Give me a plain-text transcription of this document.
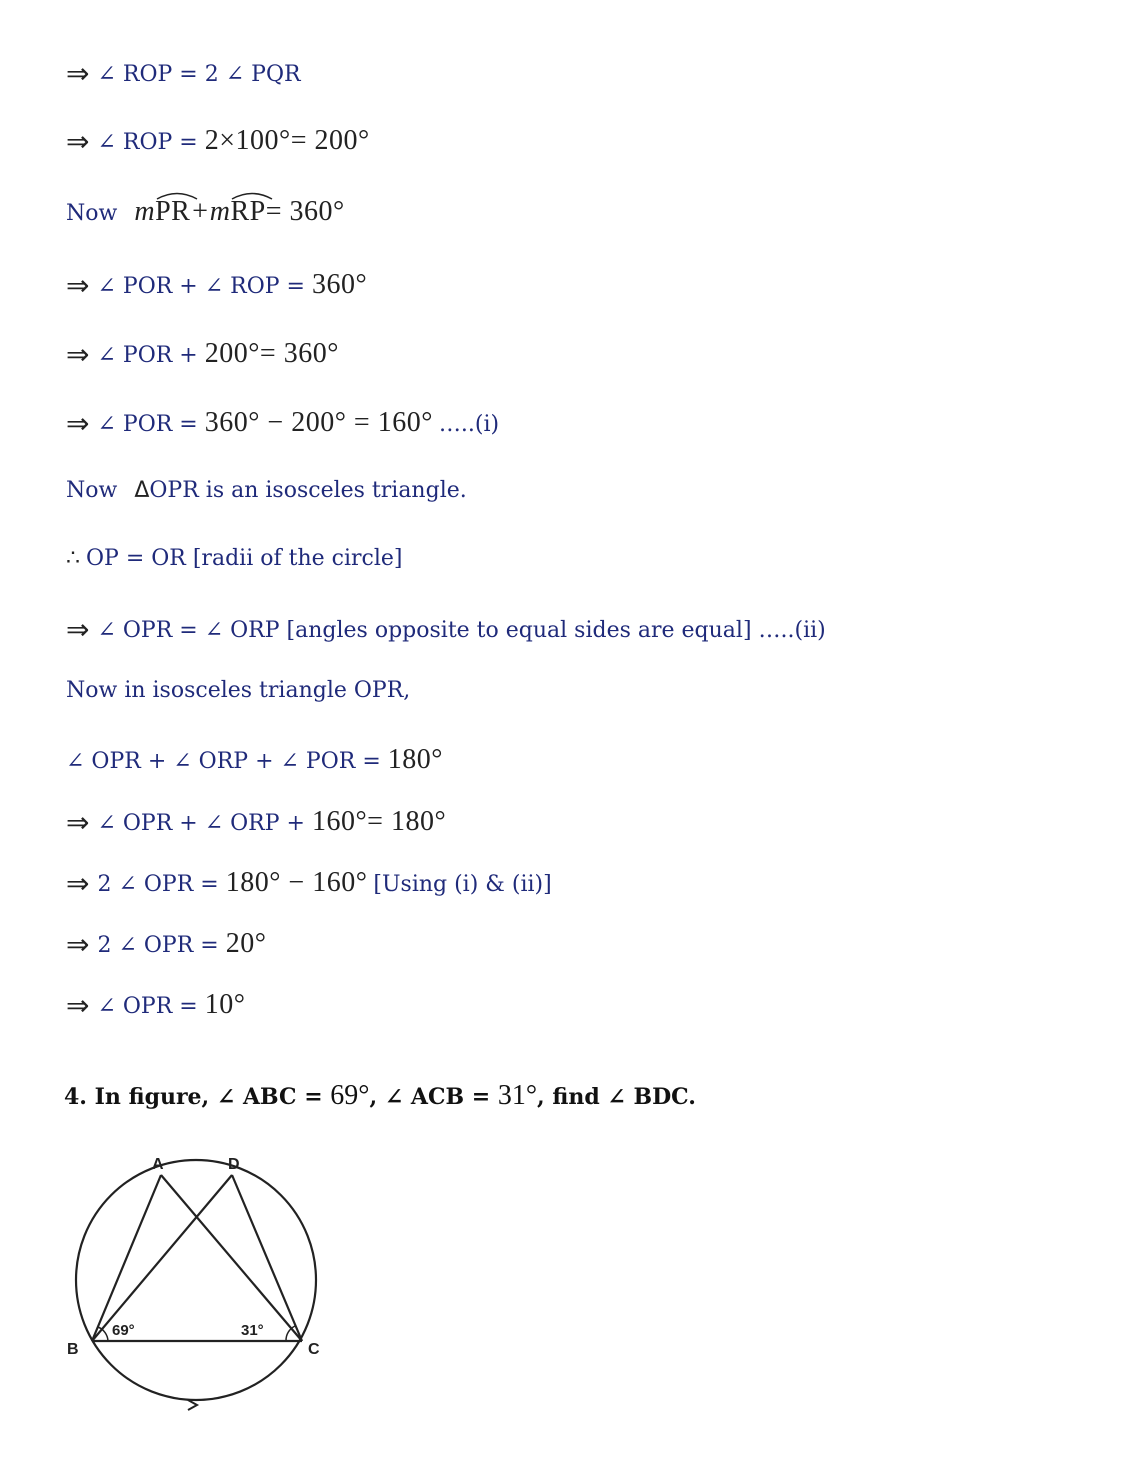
⇒ ∠ ROP = 2 ∠ PQR
⇒ ∠ ROP = 2×100°= 200°
Now m
PR+m
RP= 360°
⇒ ∠ POR + ∠ ROP = 360°
⇒ ∠ POR + 200°= 360°
⇒ ∠ POR = 360° − 200° = 160° …..(i)
Now ΔOPR is an isosceles triangle.
∴ OP = OR [radii of the circle]
⇒ ∠ OPR = ∠ ORP [angles opposite to equal sides are equal] …..(ii)
Now in isosceles triangle OPR,
∠ OPR + ∠ ORP + ∠ POR = 180°
⇒ ∠ OPR + ∠ ORP + 160°= 180°
⇒ 2 ∠ OPR = 180° − 160° [Using (i) & (ii)]
⇒ 2 ∠ OPR = 20°
⇒ ∠ OPR = 10°
4. In figure, ∠ ABC = 69°, ∠ ACB = 31°, find ∠ BDC.
A	D
B	C
69°	31°
